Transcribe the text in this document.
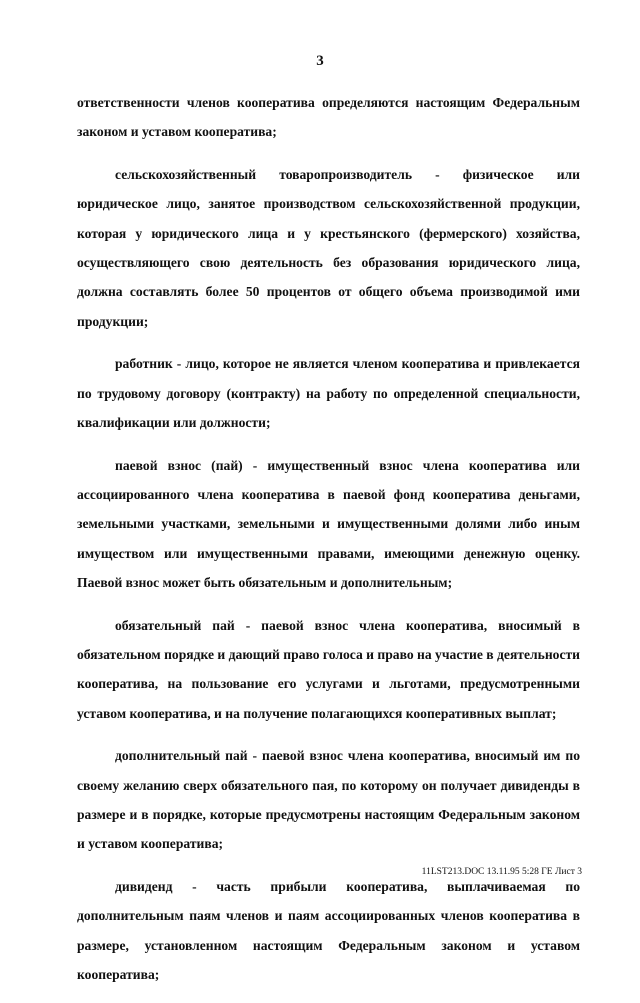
3

ответственности членов кооператива определяются настоящим Федеральным законом и уставом кооператива;

сельскохозяйственный товаропроизводитель - физическое или юридическое лицо, занятое производством сельскохозяйственной продукции, которая у юридического лица и у крестьянского (фермерского) хозяйства, осуществляющего свою деятельность без образования юридического лица, должна составлять более 50 процентов от общего объема производимой ими продукции;

работник - лицо, которое не является членом кооператива и привлекается по трудовому договору (контракту) на работу по определенной специальности, квалификации или должности;

паевой взнос (пай) - имущественный взнос члена кооператива или ассоциированного члена кооператива в паевой фонд кооператива деньгами, земельными участками, земельными и имущественными долями либо иным имуществом или имущественными правами, имеющими денежную оценку. Паевой взнос может быть обязательным и дополнительным;

обязательный пай - паевой взнос члена кооператива, вносимый в обязательном порядке и дающий право голоса и право на участие в деятельности кооператива, на пользование его услугами и льготами, предусмотренными уставом кооператива, и на получение полагающихся кооперативных выплат;

дополнительный пай - паевой взнос члена кооператива, вносимый им по своему желанию сверх обязательного пая, по которому он получает дивиденды в размере и в порядке, которые предусмотрены настоящим Федеральным законом и уставом кооператива;

дивиденд - часть прибыли кооператива, выплачиваемая по дополнительным паям членов и паям ассоциированных членов кооператива в размере, установленном настоящим Федеральным законом и уставом кооператива;

11LST213.DOC 13.11.95 5:28 ГЕ Лист 3
